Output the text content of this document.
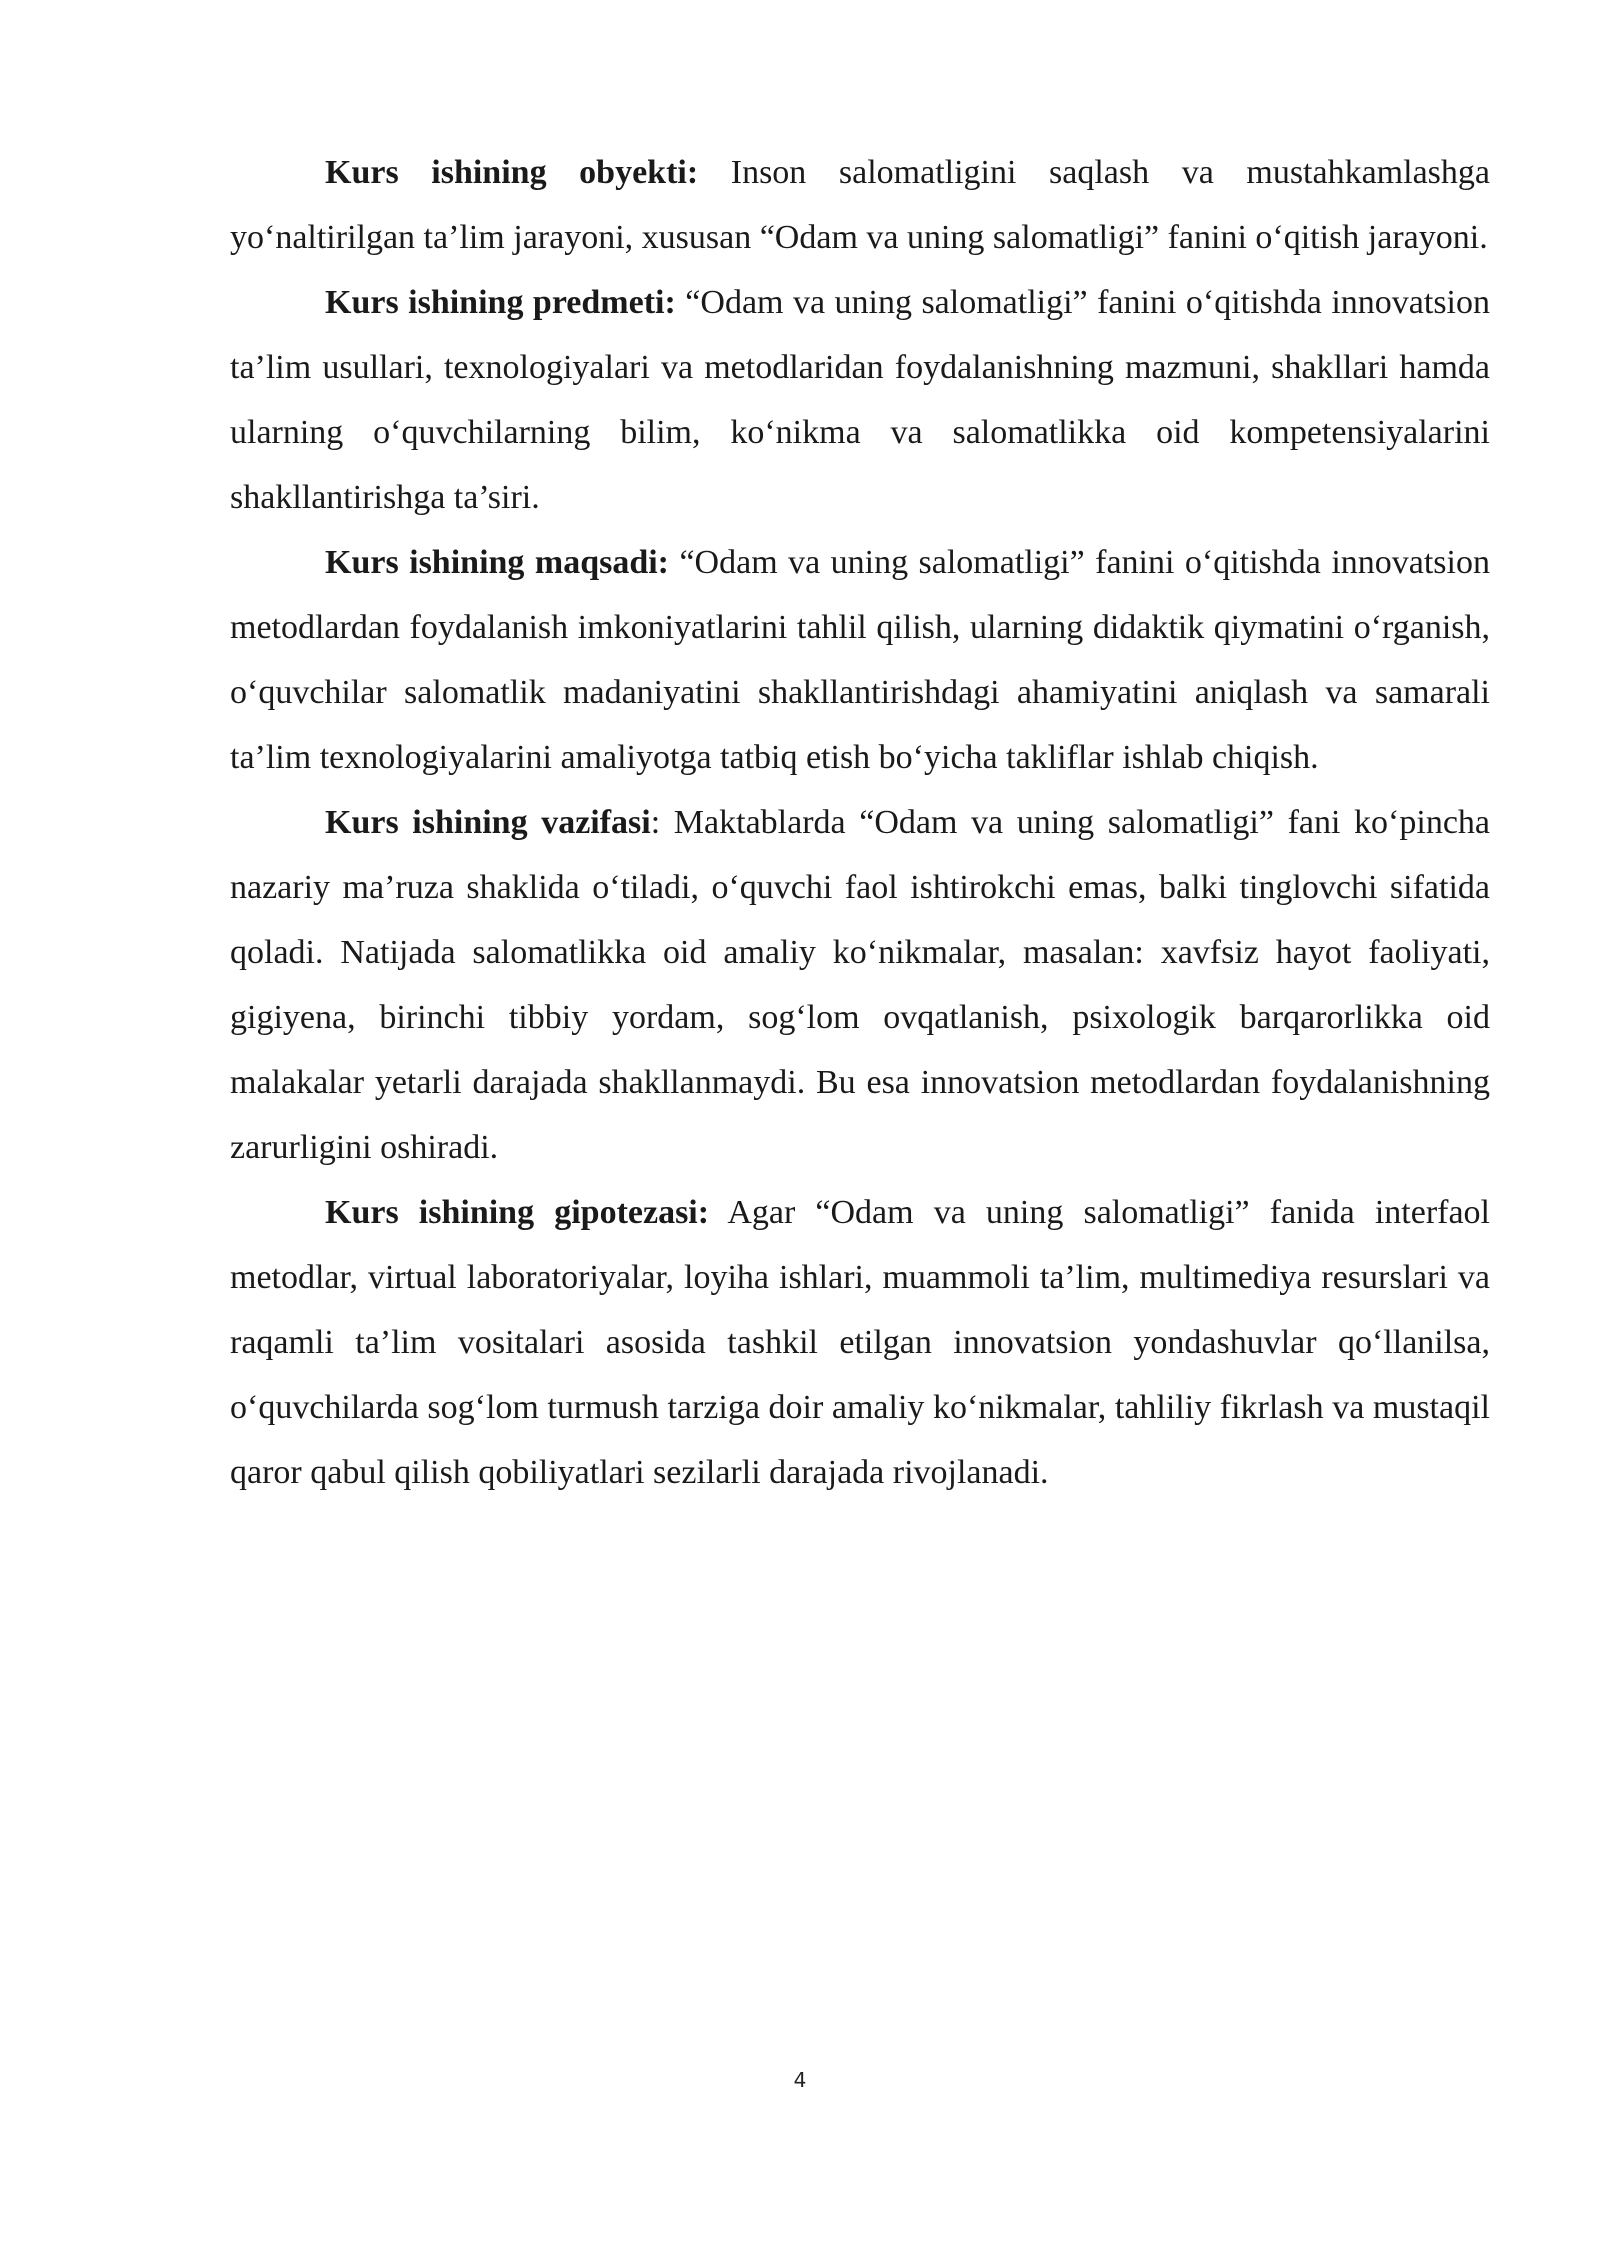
Kurs ishining obyekti: Inson salomatligini saqlash va mustahkamlashga yo‘naltirilgan ta’lim jarayoni, xususan “Odam va uning salomatligi” fanini o‘qitish jarayoni.

Kurs ishining predmeti: “Odam va uning salomatligi” fanini o‘qitishda innovatsion ta’lim usullari, texnologiyalari va metodlaridan foydalanishning mazmuni, shakllari hamda ularning o‘quvchilarning bilim, ko‘nikma va salomatlikka oid kompetensiyalarini shakllantirishga ta’siri.

Kurs ishining maqsadi: “Odam va uning salomatligi” fanini o‘qitishda innovatsion metodlardan foydalanish imkoniyatlarini tahlil qilish, ularning didaktik qiymatini o‘rganish, o‘quvchilar salomatlik madaniyatini shakllantirishdagi ahamiyatini aniqlash va samarali ta’lim texnologiyalarini amaliyotga tatbiq etish bo‘yicha takliflar ishlab chiqish.

Kurs ishining vazifasi: Maktablarda “Odam va uning salomatligi” fani ko‘pincha nazariy ma’ruza shaklida o‘tiladi, o‘quvchi faol ishtirokchi emas, balki tinglovchi sifatida qoladi. Natijada salomatlikka oid amaliy ko‘nikmalar, masalan: xavfsiz hayot faoliyati, gigiyena, birinchi tibbiy yordam, sog‘lom ovqatlanish, psixologik barqarorlikka oid malakalar yetarli darajada shakllanmaydi. Bu esa innovatsion metodlardan foydalanishning zarurligini oshiradi.

Kurs ishining gipotezasi: Agar “Odam va uning salomatligi” fanida interfaol metodlar, virtual laboratoriyalar, loyiha ishlari, muammoli ta’lim, multimediya resurslari va raqamli ta’lim vositalari asosida tashkil etilgan innovatsion yondashuvlar qo‘llanilsa, o‘quvchilarda sog‘lom turmush tarziga doir amaliy ko‘nikmalar, tahliliy fikrlash va mustaqil qaror qabul qilish qobiliyatlari sezilarli darajada rivojlanadi.

4
